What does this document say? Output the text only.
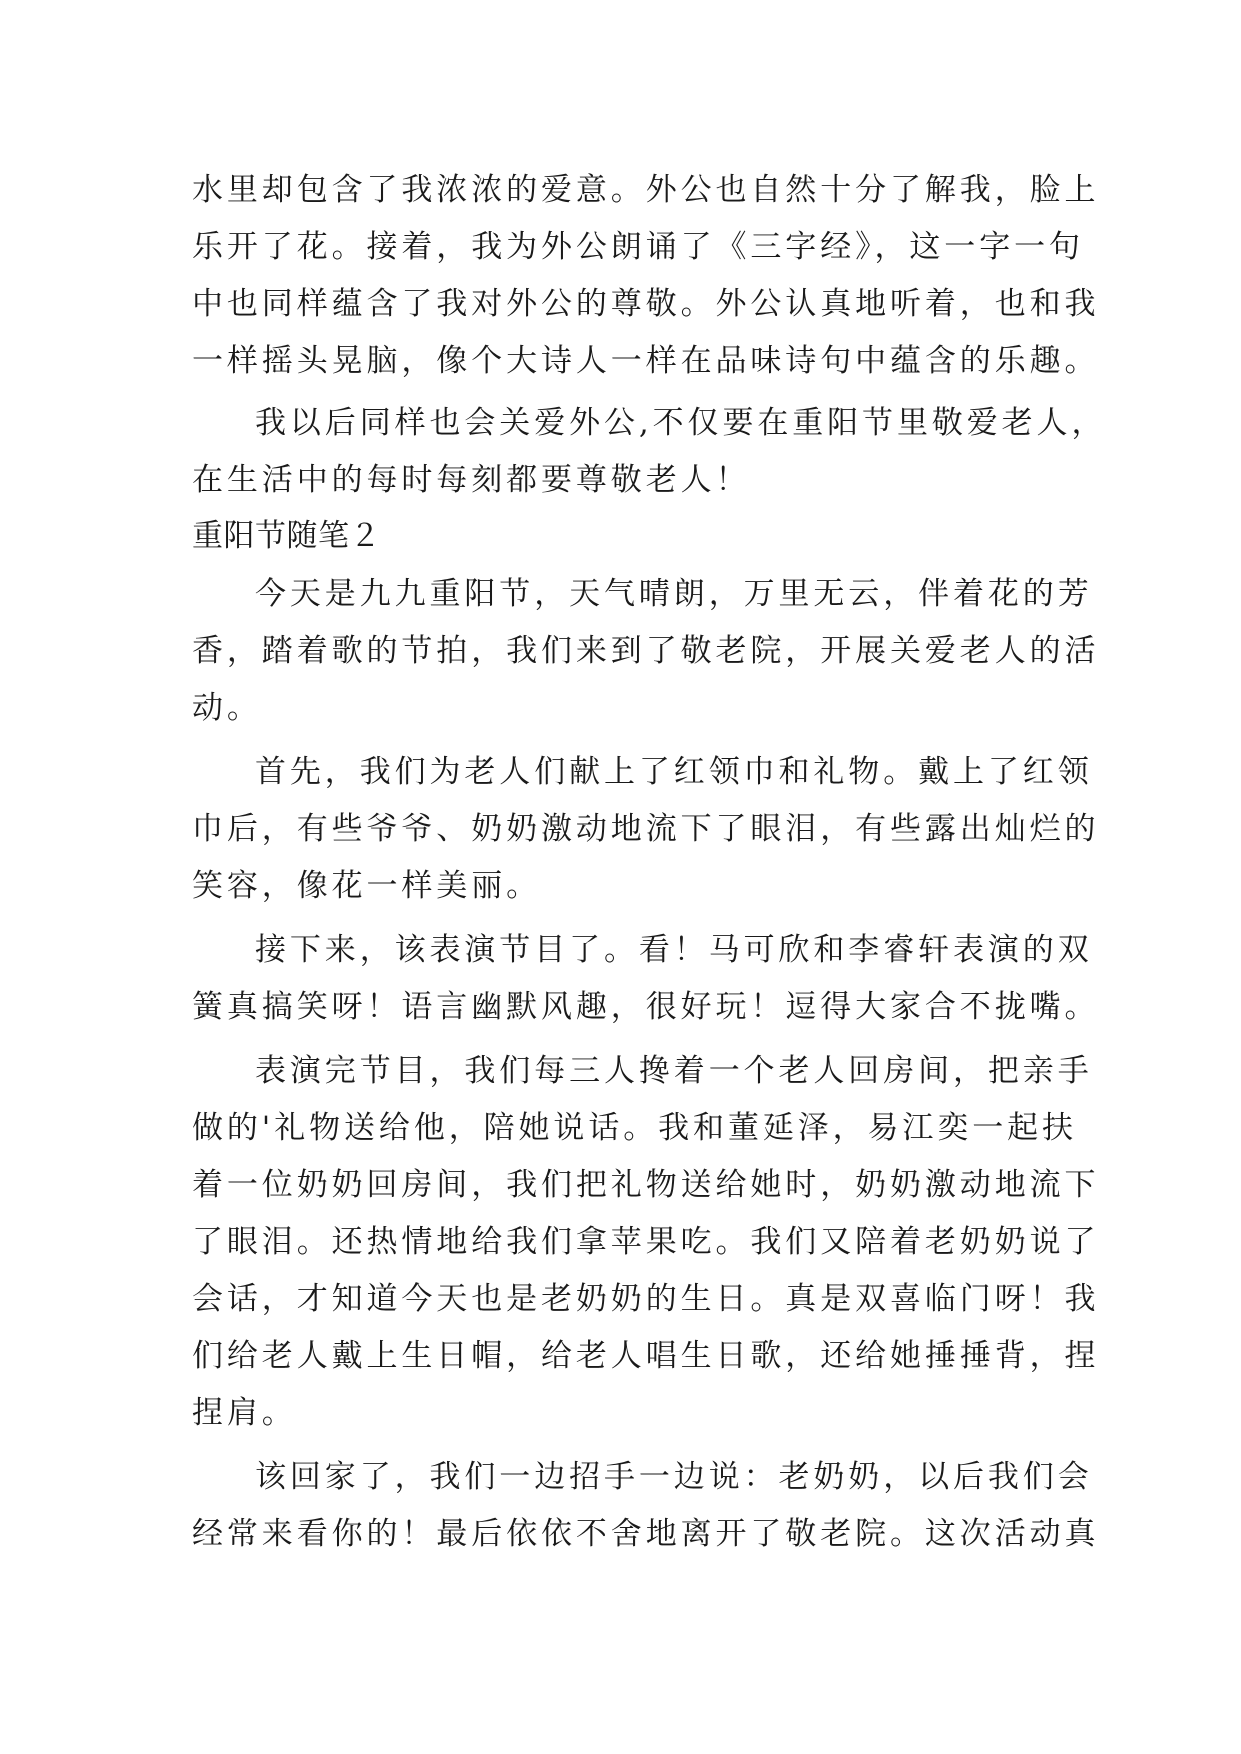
水里却包含了我浓浓的爱意。外公也自然十分了解我，脸上
乐开了花。接着，我为外公朗诵了《三字经》，这一字一句
中也同样蕴含了我对外公的尊敬。外公认真地听着，也和我
一样摇头晃脑，像个大诗人一样在品味诗句中蕴含的乐趣。
我以后同样也会关爱外公,不仅要在重阳节里敬爱老人，
在生活中的每时每刻都要尊敬老人！
重阳节随笔２
今天是九九重阳节，天气晴朗，万里无云，伴着花的芳
香，踏着歌的节拍，我们来到了敬老院，开展关爱老人的活
动。
首先，我们为老人们献上了红领巾和礼物。戴上了红领
巾后，有些爷爷、奶奶激动地流下了眼泪，有些露出灿烂的
笑容，像花一样美丽。
接下来，该表演节目了。看！马可欣和李睿轩表演的双
簧真搞笑呀！语言幽默风趣，很好玩！逗得大家合不拢嘴。
表演完节目，我们每三人搀着一个老人回房间，把亲手
做的'礼物送给他，陪她说话。我和董延泽，易江奕一起扶
着一位奶奶回房间，我们把礼物送给她时，奶奶激动地流下
了眼泪。还热情地给我们拿苹果吃。我们又陪着老奶奶说了
会话，才知道今天也是老奶奶的生日。真是双喜临门呀！我
们给老人戴上生日帽，给老人唱生日歌，还给她捶捶背，捏
捏肩。
该回家了，我们一边招手一边说：老奶奶，以后我们会
经常来看你的！最后依依不舍地离开了敬老院。这次活动真
